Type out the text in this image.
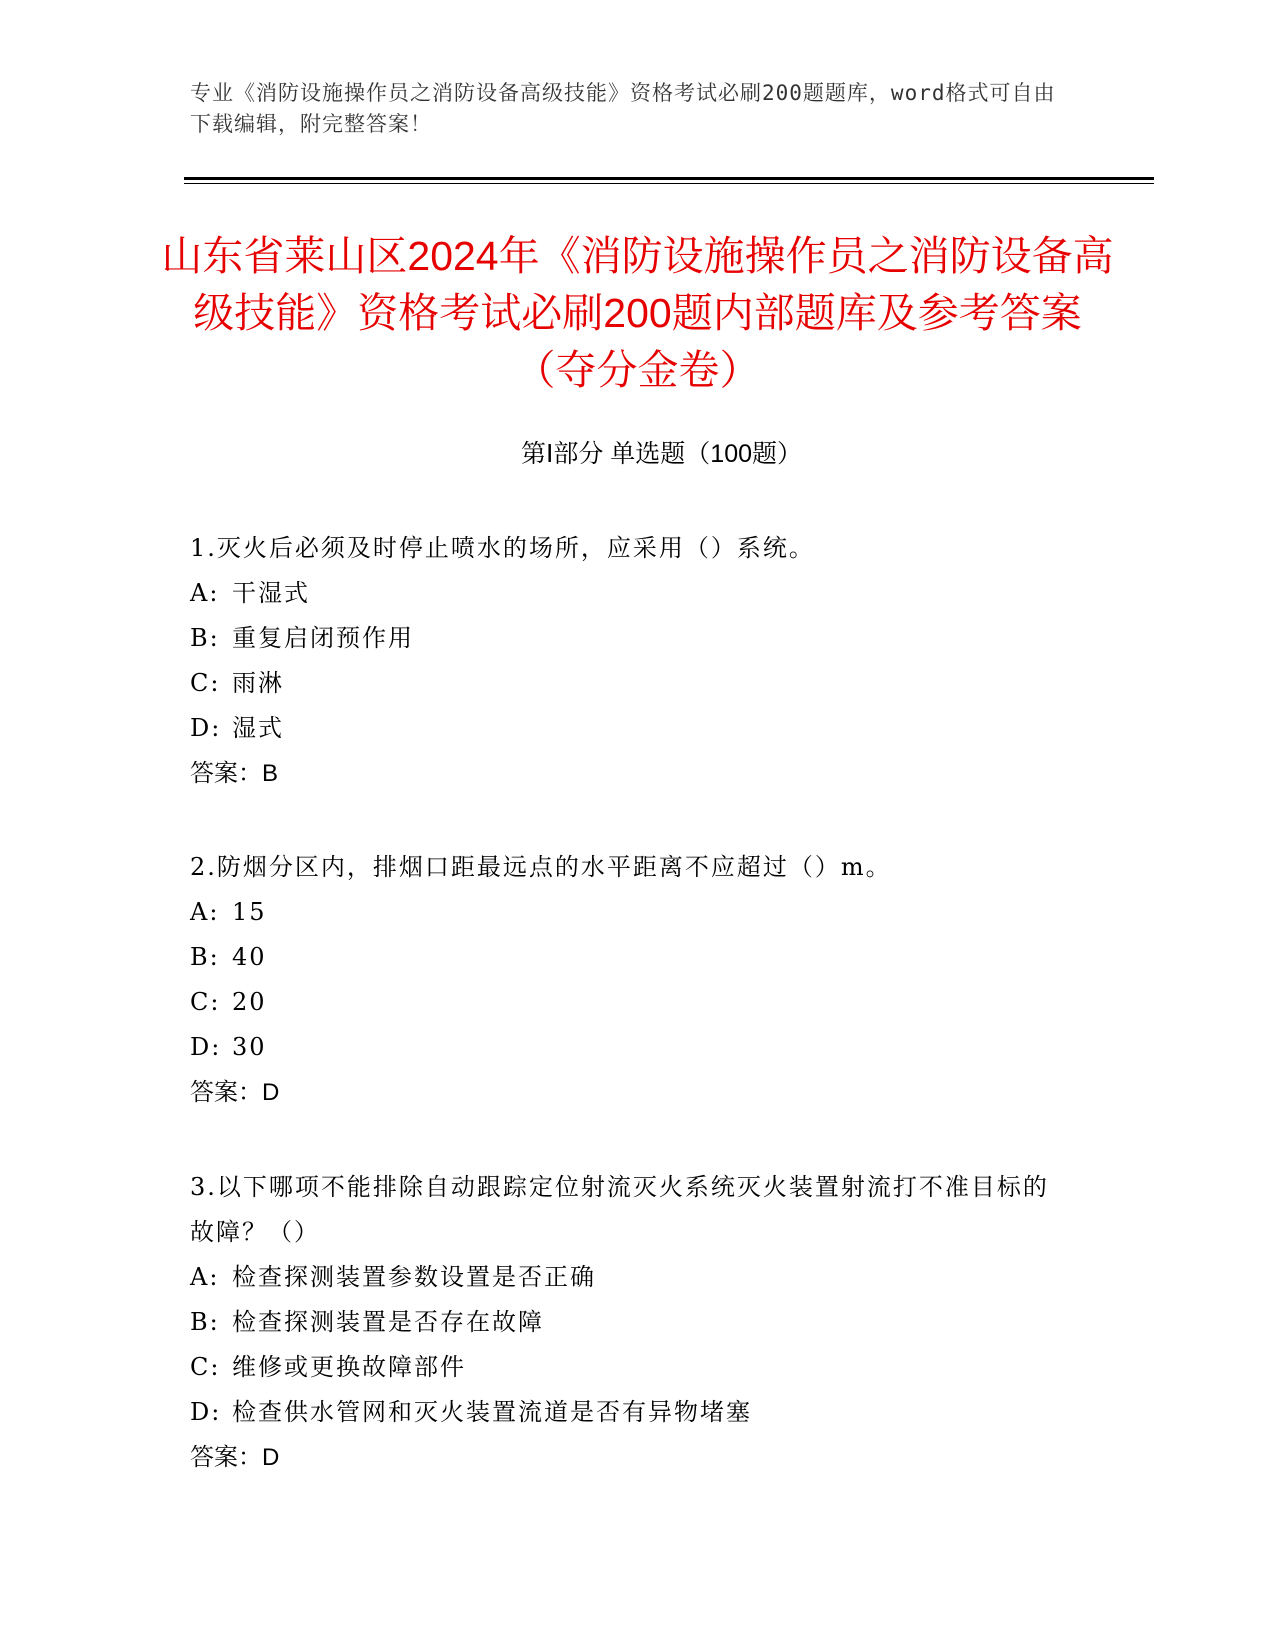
专业《消防设施操作员之消防设备高级技能》资格考试必刷200题题库，word格式可自由下载编辑，附完整答案！
山东省莱山区2024年《消防设施操作员之消防设备高级技能》资格考试必刷200题内部题库及参考答案（夺分金卷）
第Ⅰ部分 单选题（100题）

1.灭火后必须及时停止喷水的场所，应采用（）系统。

A: 干湿式

B: 重复启闭预作用

C: 雨淋

D: 湿式

答案：B

2.防烟分区内，排烟口距最远点的水平距离不应超过（）m。

A: 15

B: 40

C: 20

D: 30

答案：D

3.以下哪项不能排除自动跟踪定位射流灭火系统灭火装置射流打不准目标的故障？（）

A: 检查探测装置参数设置是否正确

B: 检查探测装置是否存在故障

C: 维修或更换故障部件

D: 检查供水管网和灭火装置流道是否有异物堵塞

答案：D
